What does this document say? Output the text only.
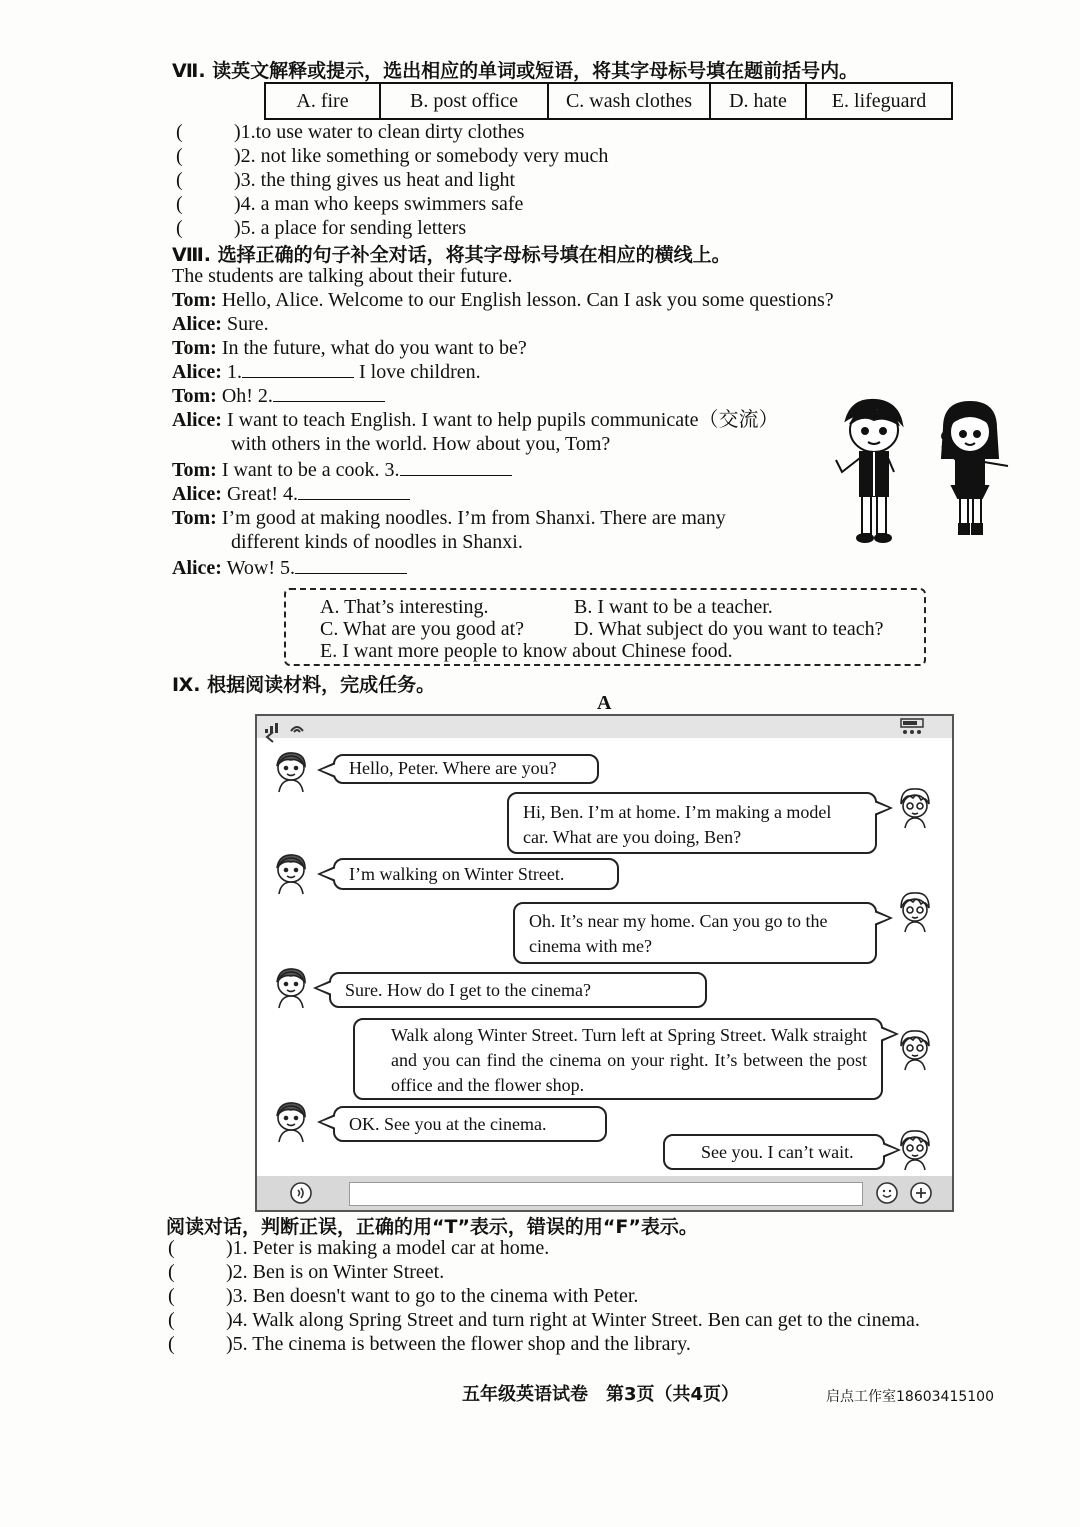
Ⅶ. 读英文解释或提示，选出相应的单词或短语，将其字母标号填在题前括号内。
A. fire	B. post office	C. wash clothes	D. hate	E. lifeguard
(	)1.to use water to clean dirty clothes
(	)2. not like something or somebody very much
(	)3. the thing gives us heat and light
(	)4. a man who keeps swimmers safe
(	)5. a place for sending letters
Ⅷ. 选择正确的句子补全对话，将其字母标号填在相应的横线上。
The students are talking about their future.
Tom: Hello, Alice. Welcome to our English lesson. Can I ask you some questions?
Alice: Sure.
Tom: In the future, what do you want to be?
Alice: 1.	I love children.
Tom: Oh! 2.
Alice: I want to teach English. I want to help pupils communicate（交流）
with others in the world. How about you, Tom?
Tom: I want to be a cook. 3.
Alice: Great! 4.
Tom: I’m good at making noodles. I’m from Shanxi. There are many
different kinds of noodles in Shanxi.
Alice: Wow! 5.
A. That’s interesting.	B. I want to be a teacher.
C. What are you good at? D. What subject do you want to teach?
E. I want more people to know about Chinese food.
Ⅸ. 根据阅读材料，完成任务。
A
Hello, Peter. Where are you?
Hi, Ben. I’m at home. I’m making a model car. What are you doing, Ben?
I’m walking on Winter Street.
Oh. It’s near my home. Can you go to the cinema with me?
Sure. How do I get to the cinema?
Walk along Winter Street. Turn left at Spring Street. Walk straight and you can find the cinema on your right. It’s between the post office and the flower shop.
OK. See you at the cinema.
See you. I can’t wait.
阅读对话，判断正误，正确的用“T”表示，错误的用“F”表示。
(	)1. Peter is making a model car at home.
(	)2. Ben is on Winter Street.
(	)3. Ben doesn't want to go to the cinema with Peter.
(	)4. Walk along Spring Street and turn right at Winter Street. Ben can get to the cinema.
(	)5. The cinema is between the flower shop and the library.
五年级英语试卷　第3页（共4页）	启点工作室18603415100
